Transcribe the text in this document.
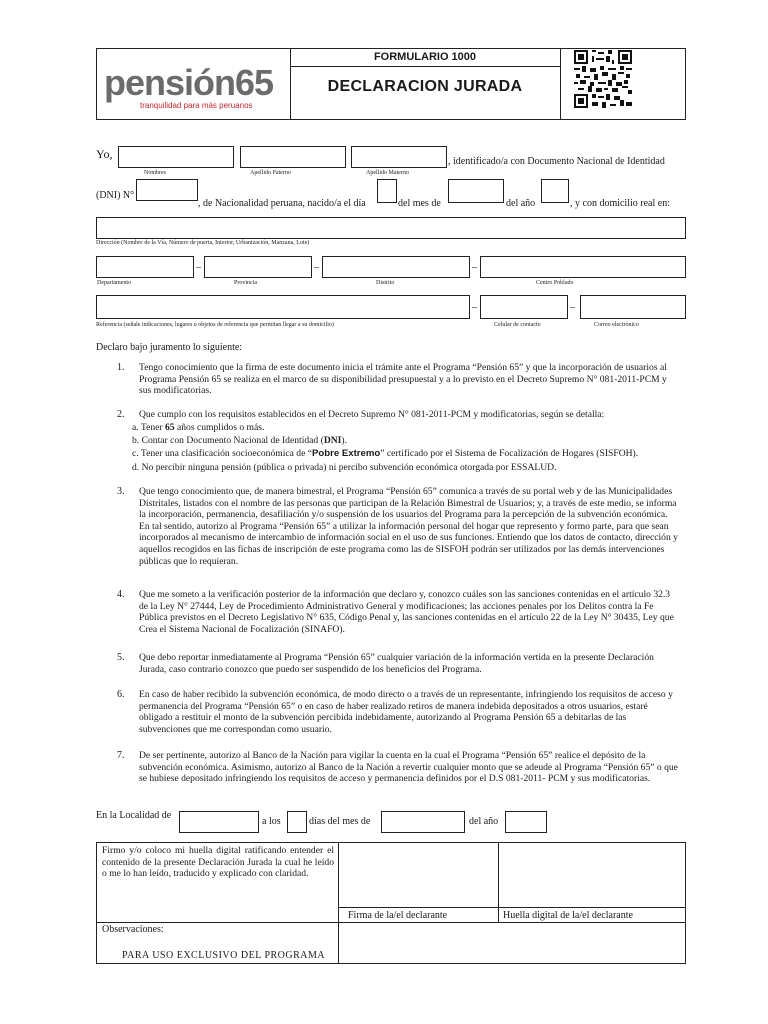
pensión65
tranquilidad para más peruanos
FORMULARIO 1000
DECLARACION JURADA
Yo,
Nombres	Apellido Paterno	Apellido Materno
, identificado/a con Documento Nacional de Identidad
(DNI) N°
, de Nacionalidad peruana, nacido/a el día	del mes de	del año	, y con domicilio real en:
Dirección (Nombre de la Vía, Número de puerta, Interior, Urbanización, Manzana, Lote)
–	–	–
Departamento	Provincia	Distrito	Centro Poblado
–	–
Referencia (señale indicaciones, lugares u objetos de referencia que permitan llegar a su domicilio)	Celular de contacto	Correo electrónico
Declaro bajo juramento lo siguiente:
1.	Tengo conocimiento que la firma de este documento inicia el trámite ante el Programa “Pensión 65” y que la incorporación de usuarios al Programa Pensión 65 se realiza en el marco de su disponibilidad presupuestal y a lo previsto en el Decreto Supremo N° 081-2011-PCM y sus modificatorias.
2.	Que cumplo con los requisitos establecidos en el Decreto Supremo N° 081-2011-PCM y modificatorias, según se detalla:
a. Tener 65 años cumplidos o más.
b. Contar con Documento Nacional de Identidad (DNI).
c. Tener una clasificación socioeconómica de “Pobre Extremo” certificado por el Sistema de Focalización de Hogares (SISFOH).
d. No percibir ninguna pensión (pública o privada) ni percibo subvención económica otorgada por ESSALUD.
3.	Que tengo conocimiento que, de manera bimestral, el Programa “Pensión 65” comunica a través de su portal web y de las Municipalidades Distritales, listados con el nombre de las personas que participan de la Relación Bimestral de Usuarios; y, a través de este medio, se informa la incorporación, permanencia, desafiliación y/o suspensión de los usuarios del Programa para la percepción de la subvención económica. En tal sentido, autorizo al Programa “Pensión 65” a utilizar la información personal del hogar que represento y formo parte, para que sean incorporados al mecanismo de intercambio de información social en el uso de sus funciones. Entiendo que los datos de contacto, dirección y aquellos recogidos en las fichas de inscripción de este programa como las de SISFOH podrán ser utilizados por las demás intervenciones públicas que lo requieran.
4.	Que me someto a la verificación posterior de la información que declaro y, conozco cuáles son las sanciones contenidas en el artículo 32.3 de la Ley N° 27444, Ley de Procedimiento Administrativo General y modificaciones; las acciones penales por los Delitos contra la Fe Pública previstos en el Decreto Legislativo N° 635, Código Penal y, las sanciones contenidas en el artículo 22 de la Ley N° 30435, Ley que Crea el Sistema Nacional de Focalización (SINAFO).
5.	Que debo reportar inmediatamente al Programa “Pensión 65” cualquier variación de la información vertida en la presente Declaración Jurada, caso contrario conozco que puedo ser suspendido de los beneficios del Programa.
6.	En caso de haber recibido la subvención económica, de modo directo o a través de un representante, infringiendo los requisitos de acceso y permanencia del Programa “Pensión 65” o en caso de haber realizado retiros de manera indebida depositados a otros usuarios, estaré obligado a restituir el monto de la subvención percibida indebidamente, autorizando al Programa Pensión 65 a debitarlas de las subvenciones que me correspondan como usuario.
7.	De ser pertinente, autorizo al Banco de la Nación para vigilar la cuenta en la cual el Programa “Pensión 65” realice el depósito de la subvención económica. Asimismo, autorizo al Banco de la Nación a revertir cualquier monto que se adeude al Programa “Pensión 65” o que se hubiese depositado infringiendo los requisitos de acceso y permanencia definidos por el D.S 081-2011- PCM y sus modificatorias.
En la Localidad de
a los	días del mes de	del año
Firmo y/o coloco mi huella digital ratificando entender el contenido de la presente Declaración Jurada la cual he leído o me lo han leído, traducido y explicado con claridad.
Firma de la/el declarante	Huella digital de la/el declarante
Observaciones:
PARA USO EXCLUSIVO DEL PROGRAMA
